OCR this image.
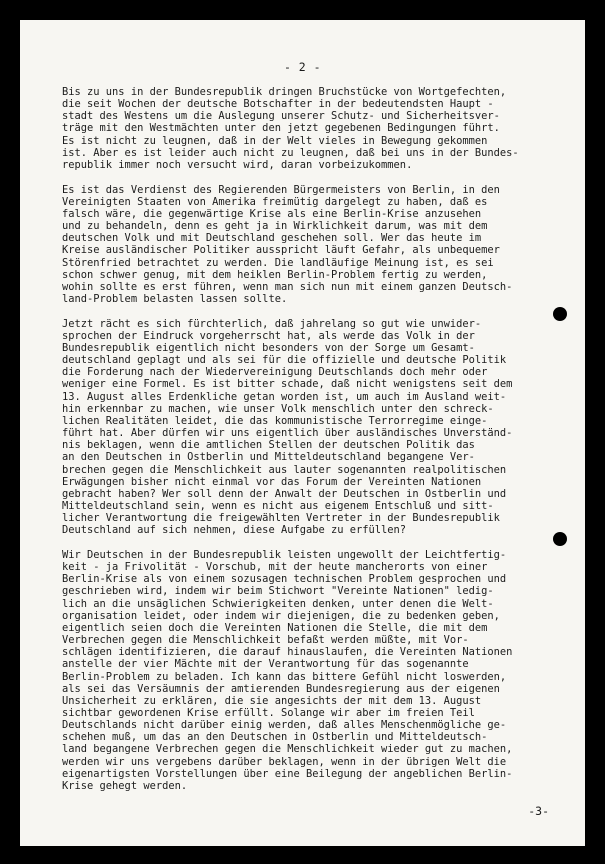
- 2 -
Bis zu uns in der Bundesrepublik dringen Bruchstücke von Wortgefechten,
die seit Wochen der deutsche Botschafter in der bedeutendsten Haupt -
stadt des Westens um die Auslegung unserer Schutz- und Sicherheitsver-
träge mit den Westmächten unter den jetzt gegebenen Bedingungen führt.
Es ist nicht zu leugnen, daß in der Welt vieles in Bewegung gekommen
ist. Aber es ist leider auch nicht zu leugnen, daß bei uns in der Bundes-
republik immer noch versucht wird, daran vorbeizukommen.
Es ist das Verdienst des Regierenden Bürgermeisters von Berlin, in den
Vereinigten Staaten von Amerika freimütig dargelegt zu haben, daß es
falsch wäre, die gegenwärtige Krise als eine Berlin-Krise anzusehen
und zu behandeln, denn es geht ja in Wirklichkeit darum, was mit dem
deutschen Volk und mit Deutschland geschehen soll. Wer das heute im
Kreise ausländischer Politiker ausspricht läuft Gefahr, als unbequemer
Störenfried betrachtet zu werden. Die landläufige Meinung ist, es sei
schon schwer genug, mit dem heiklen Berlin-Problem fertig zu werden,
wohin sollte es erst führen, wenn man sich nun mit einem ganzen Deutsch-
land-Problem belasten lassen sollte.
Jetzt rächt es sich fürchterlich, daß jahrelang so gut wie unwider-
sprochen der Eindruck vorgeherrscht hat, als werde das Volk in der
Bundesrepublik eigentlich nicht besonders von der Sorge um Gesamt-
deutschland geplagt und als sei für die offizielle und deutsche Politik
die Forderung nach der Wiedervereinigung Deutschlands doch mehr oder
weniger eine Formel. Es ist bitter schade, daß nicht wenigstens seit dem
13. August alles Erdenkliche getan worden ist, um auch im Ausland weit-
hin erkennbar zu machen, wie unser Volk menschlich unter den schreck-
lichen Realitäten leidet, die das kommunistische Terrorregime einge-
führt hat. Aber dürfen wir uns eigentlich über ausländisches Unverständ-
nis beklagen, wenn die amtlichen Stellen der deutschen Politik das
an den Deutschen in Ostberlin und Mitteldeutschland begangene Ver-
brechen gegen die Menschlichkeit aus lauter sogenannten realpolitischen
Erwägungen bisher nicht einmal vor das Forum der Vereinten Nationen
gebracht haben? Wer soll denn der Anwalt der Deutschen in Ostberlin und
Mitteldeutschland sein, wenn es nicht aus eigenem Entschluß und sitt-
licher Verantwortung die freigewählten Vertreter in der Bundesrepublik
Deutschland auf sich nehmen, diese Aufgabe zu erfüllen?
Wir Deutschen in der Bundesrepublik leisten ungewollt der Leichtfertig-
keit - ja Frivolität - Vorschub, mit der heute mancherorts von einer
Berlin-Krise als von einem sozusagen technischen Problem gesprochen und
geschrieben wird, indem wir beim Stichwort "Vereinte Nationen" ledig-
lich an die unsäglichen Schwierigkeiten denken, unter denen die Welt-
organisation leidet, oder indem wir diejenigen, die zu bedenken geben,
eigentlich seien doch die Vereinten Nationen die Stelle, die mit dem
Verbrechen gegen die Menschlichkeit befaßt werden müßte, mit Vor-
schlägen identifizieren, die darauf hinauslaufen, die Vereinten Nationen
anstelle der vier Mächte mit der Verantwortung für das sogenannte
Berlin-Problem zu beladen. Ich kann das bittere Gefühl nicht loswerden,
als sei das Versäumnis der amtierenden Bundesregierung aus der eigenen
Unsicherheit zu erklären, die sie angesichts der mit dem 13. August
sichtbar gewordenen Krise erfüllt. Solange wir aber im freien Teil
Deutschlands nicht darüber einig werden, daß alles Menschenmögliche ge-
schehen muß, um das an den Deutschen in Ostberlin und Mitteldeutsch-
land begangene Verbrechen gegen die Menschlichkeit wieder gut zu machen,
werden wir uns vergebens darüber beklagen, wenn in der übrigen Welt die
eigenartigsten Vorstellungen über eine Beilegung der angeblichen Berlin-
Krise gehegt werden.
-3-
